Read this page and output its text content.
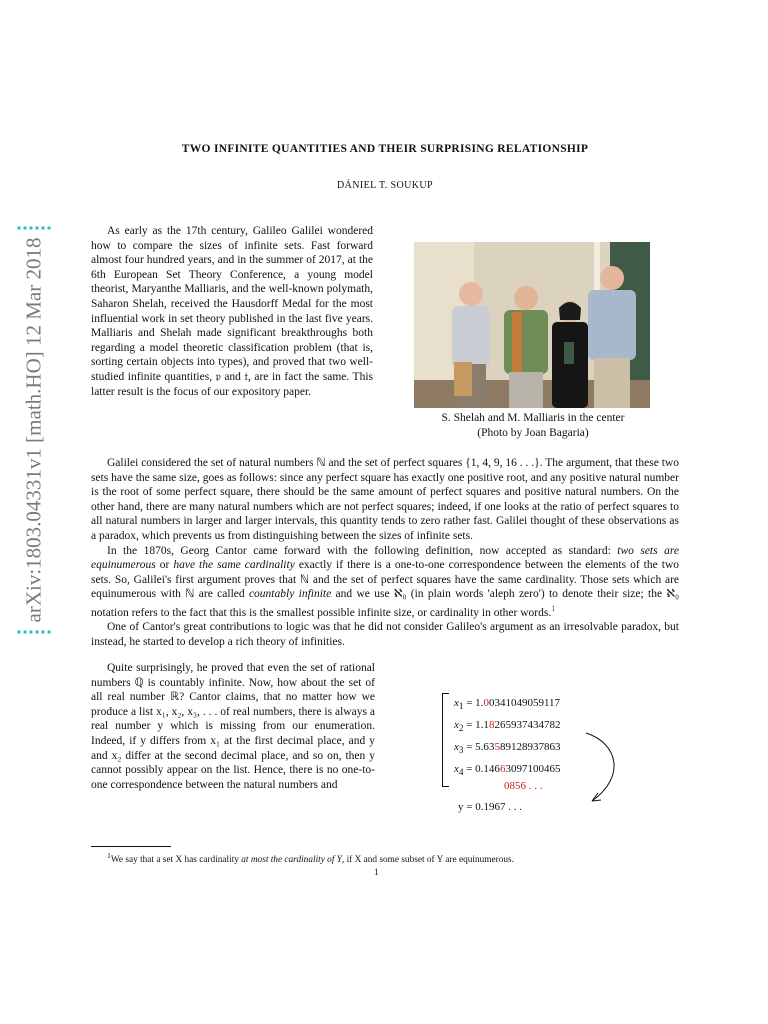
arXiv:1803.04331v1 [math.HO] 12 Mar 2018
TWO INFINITE QUANTITIES AND THEIR SURPRISING RELATIONSHIP
DÁNIEL T. SOUKUP

As early as the 17th century, Galileo Galilei wondered how to compare the sizes of infinite sets. Fast forward almost four hundred years, and in the summer of 2017, at the 6th European Set Theory Conference, a young model theorist, Maryanthe Malliaris, and the well-known polymath, Saharon Shelah, received the Hausdorff Medal for the most influential work in set theory published in the last five years. Malliaris and Shelah made significant breakthroughs both regarding a model theoretic classification problem (that is, sorting certain objects into types), and proved that two well-studied infinite quantities, 𝔭 and 𝔱, are in fact the same. This latter result is the focus of our expository paper.

S. Shelah and M. Malliaris in the center
(Photo by Joan Bagaria)

Galilei considered the set of natural numbers ℕ and the set of perfect squares {1, 4, 9, 16 . . .}. The argument, that these two sets have the same size, goes as follows: since any perfect square has exactly one positive root, and any positive natural number is the root of some perfect square, there should be the same amount of perfect squares and positive natural numbers. On the other hand, there are many natural numbers which are not perfect squares; indeed, if one looks at the ratio of perfect squares to all natural numbers in larger and larger intervals, this quantity tends to zero rather fast. Galilei thought of these observations as a paradox, which prevents us from distinguishing between the sizes of infinite sets.

In the 1870s, Georg Cantor came forward with the following definition, now accepted as standard: two sets are equinumerous or have the same cardinality exactly if there is a one-to-one correspondence between the elements of the two sets. So, Galilei's first argument proves that ℕ and the set of perfect squares have the same cardinality. Those sets which are equinumerous with ℕ are called countably infinite and we use ℵ₀ (in plain words 'aleph zero') to denote their size; the ℵ₀ notation refers to the fact that this is the smallest possible infinite size, or cardinality in other words.$^1$

One of Cantor's great contributions to logic was that he did not consider Galileo's argument as an irresolvable paradox, but instead, he started to develop a rich theory of infinities.

Quite surprisingly, he proved that even the set of rational numbers ℚ is countably infinite. Now, how about the set of all real number ℝ? Cantor claims, that no matter how we produce a list x₁, x₂, x₃, . . . of real numbers, there is always a real number y which is missing from our enumeration. Indeed, if y differs from x₁ at the first decimal place, and y and x₂ differ at the second decimal place, and so on, then y cannot possibly appear on the list. Hence, there is no one-to-one correspondence between the natural numbers and

$x_1 = 1.00341049059117$
$x_2 = 1.18265937434782$
$x_3 = 5.63589128937863$
$x_4 = 0.14663097100465$
0856 . . .
y = 0.1967 . . .
$^1$We say that a set X has cardinality at most the cardinality of Y, if X and some subset of Y are equinumerous.
1
